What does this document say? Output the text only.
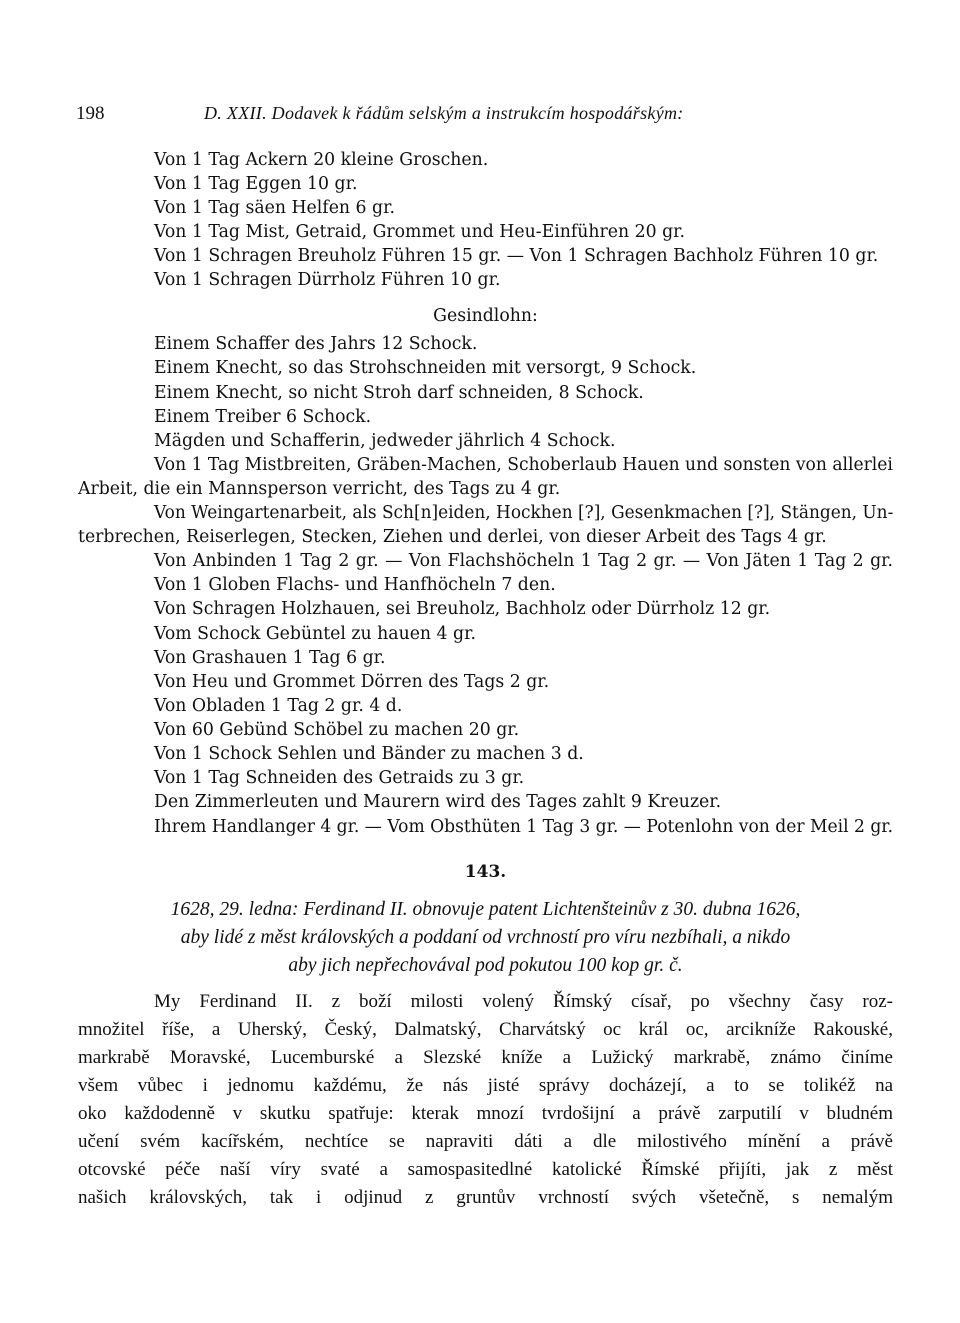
198	D. XXII. Dodavek k řádům selským a instrukcím hospodářským:
Von 1 Tag Ackern 20 kleine Groschen.
Von 1 Tag Eggen 10 gr.
Von 1 Tag säen Helfen 6 gr.
Von 1 Tag Mist, Getraid, Grommet und Heu-Einführen 20 gr.
Von 1 Schragen Breuholz Führen 15 gr. — Von 1 Schragen Bachholz Führen 10 gr.
Von 1 Schragen Dürrholz Führen 10 gr.
Gesindlohn:
Einem Schaffer des Jahrs 12 Schock.
Einem Knecht, so das Strohschneiden mit versorgt, 9 Schock.
Einem Knecht, so nicht Stroh darf schneiden, 8 Schock.
Einem Treiber 6 Schock.
Mägden und Schafferin, jedweder jährlich 4 Schock.
Von 1 Tag Mistbreiten, Gräben-Machen, Schoberlaub Hauen und sonsten von allerlei
Arbeit, die ein Mannsperson verricht, des Tags zu 4 gr.
Von Weingartenarbeit, als Sch[n]eiden, Hockhen [?], Gesenkmachen [?], Stängen, Un-
terbrechen, Reiserlegen, Stecken, Ziehen und derlei, von dieser Arbeit des Tags 4 gr.
Von Anbinden 1 Tag 2 gr. — Von Flachshöcheln 1 Tag 2 gr. — Von Jäten 1 Tag 2 gr.
Von 1 Globen Flachs- und Hanfhöcheln 7 den.
Von Schragen Holzhauen, sei Breuholz, Bachholz oder Dürrholz 12 gr.
Vom Schock Gebüntel zu hauen 4 gr.
Von Grashauen 1 Tag 6 gr.
Von Heu und Grommet Dörren des Tags 2 gr.
Von Obladen 1 Tag 2 gr. 4 d.
Von 60 Gebünd Schöbel zu machen 20 gr.
Von 1 Schock Sehlen und Bänder zu machen 3 d.
Von 1 Tag Schneiden des Getraids zu 3 gr.
Den Zimmerleuten und Maurern wird des Tages zahlt 9 Kreuzer.
Ihrem Handlanger 4 gr. — Vom Obsthüten 1 Tag 3 gr. — Potenlohn von der Meil 2 gr.
143.
1628, 29. ledna: Ferdinand II. obnovuje patent Lichtenšteinův z 30. dubna 1626,
aby lidé z měst královských a poddaní od vrchností pro víru nezbíhali, a nikdo
aby jich nepřechovával pod pokutou 100 kop gr. č.
My Ferdinand II. z boží milosti volený Římský císař, po všechny časy roz-
množitel říše, a Uherský, Český, Dalmatský, Charvátský oc král oc, arcikníže Rakouské,
markrabě Moravské, Lucemburské a Slezské kníže a Lužický markrabě, známo činíme
všem vůbec i jednomu každému, že nás jisté správy docházejí, a to se tolikéž na
oko každodenně v skutku spatřuje: kterak mnozí tvrdošijní a právě zarputilí v bludném
učení svém kacířském, nechtíce se napraviti dáti a dle milostivého mínění a právě
otcovské péče naší víry svaté a samospasitedlné katolické Římské přijíti, jak z měst
našich královských, tak i odjinud z gruntův vrchností svých všetečně, s nemalým
